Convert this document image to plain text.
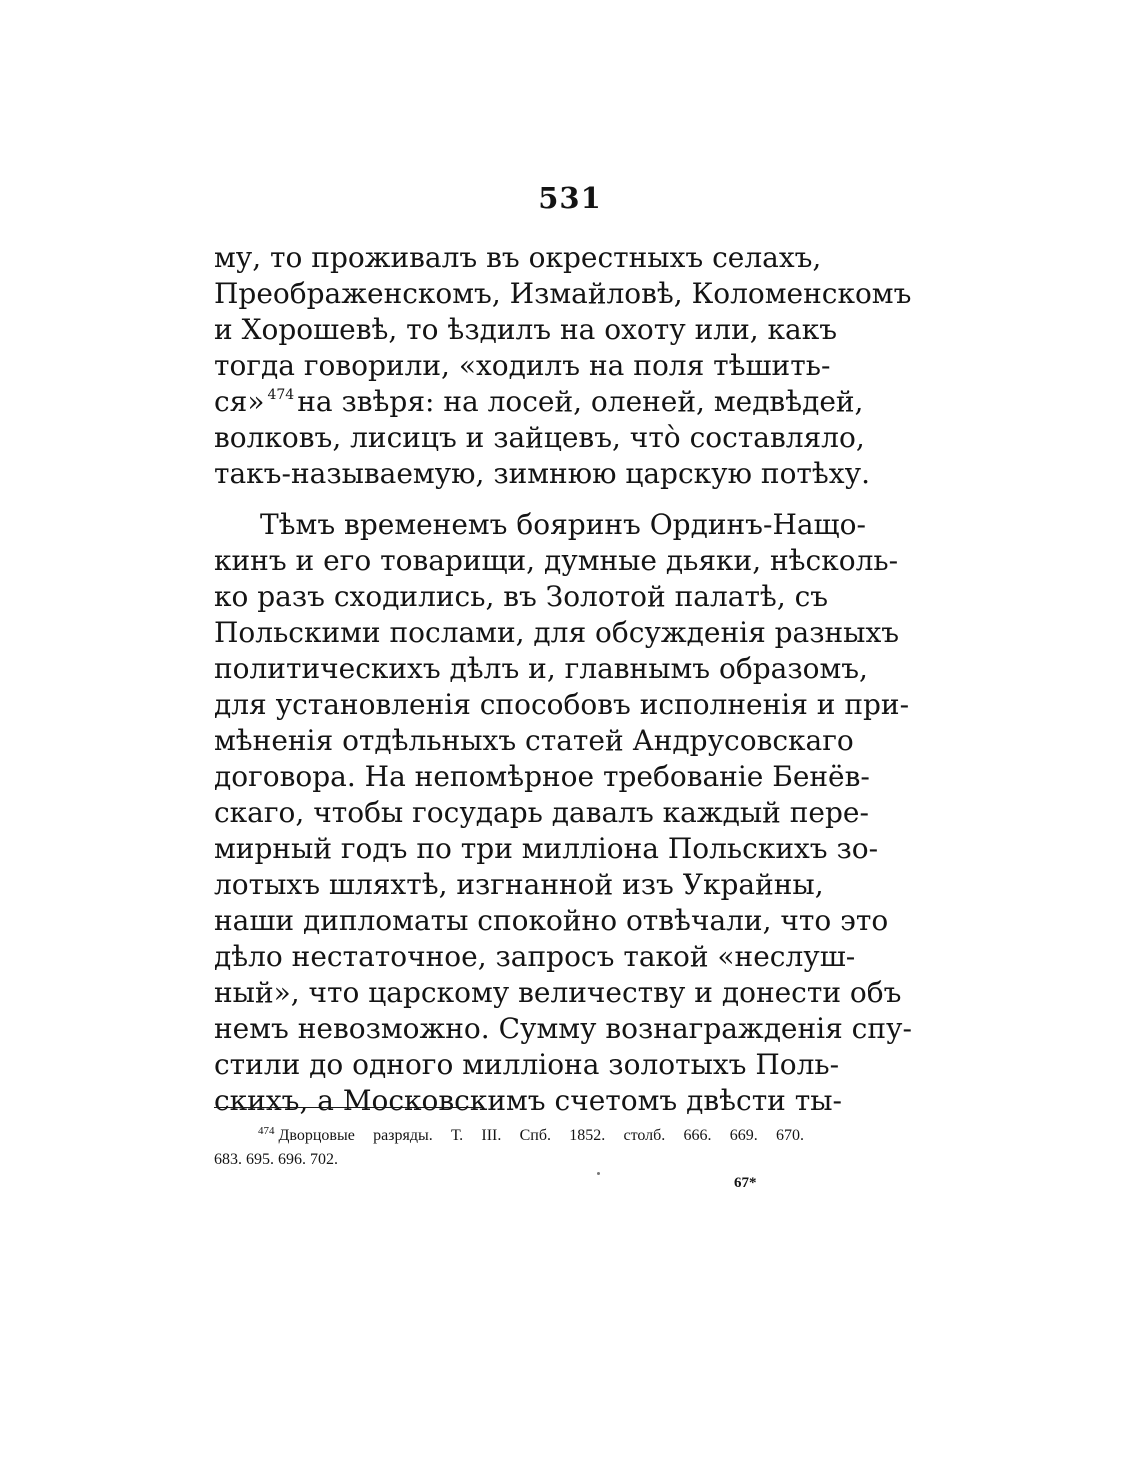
531
му, то проживалъ въ окрестныхъ селахъ,
Преображенскомъ, Измайловѣ, Коломенскомъ
и Хорошевѣ, то ѣздилъ на охоту или, какъ
тогда говорили, «ходилъ на поля тѣшить-
ся» $^{474}$ на звѣря: на лосей, оленей, медвѣдей,
волковъ, лисицъ и зайцевъ, что̀ составляло,
такъ-называемую, зимнюю царскую потѣху.
Тѣмъ временемъ бояринъ Ординъ-Нащо-
кинъ и его товарищи, думные дьяки, нѣсколь-
ко разъ сходились, въ Золотой палатѣ, съ
Польскими послами, для обсужденія разныхъ
политическихъ дѣлъ и, главнымъ образомъ,
для установленія способовъ исполненія и при-
мѣненія отдѣльныхъ статей Андрусовскаго
договора. На непомѣрное требованіе Бенёв-
скаго, чтобы государь давалъ каждый пере-
мирный годъ по три милліона Польскихъ зо-
лотыхъ шляхтѣ, изгнанной изъ Украйны,
наши дипломаты спокойно отвѣчали, что это
дѣло нестаточное, запросъ такой «неслуш-
ный», что царскому величеству и донести объ
немъ невозможно. Сумму вознагражденія спу-
стили до одного милліона золотыхъ Поль-
скихъ, а Московскимъ счетомъ двѣсти ты-
$^{474}$ Дворцовые разряды. Т. III. Спб. 1852. столб. 666. 669. 670.
683. 695. 696. 702.
67*
